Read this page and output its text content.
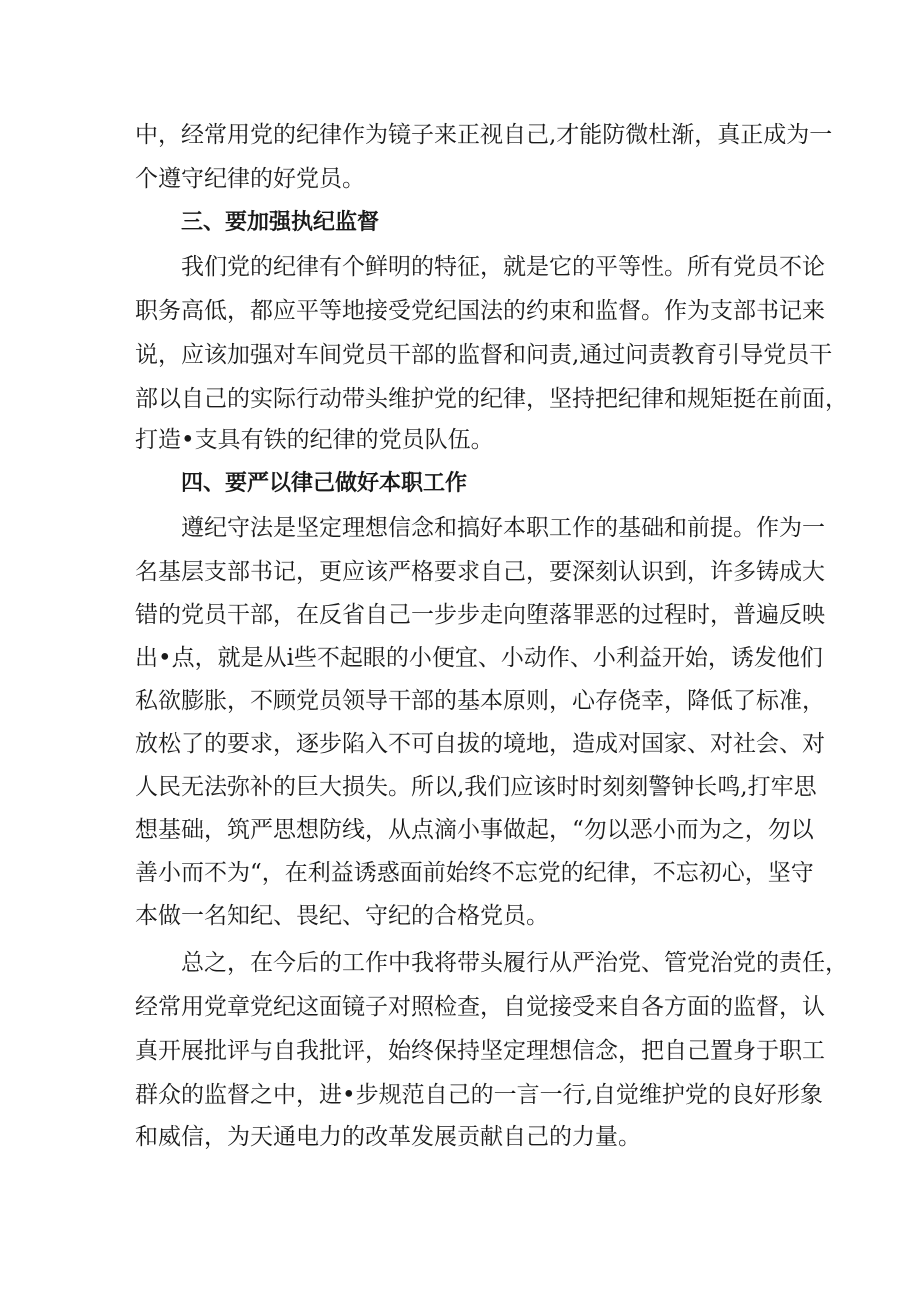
中，经常用党的纪律作为镜子来正视自己,才能防微杜渐，真正成为一
个遵守纪律的好党员。
三、要加强执纪监督
我们党的纪律有个鲜明的特征，就是它的平等性。所有党员不论
职务高低，都应平等地接受党纪国法的约束和监督。作为支部书记来
说，应该加强对车间党员干部的监督和问责,通过问责教育引导党员干
部以自己的实际行动带头维护党的纪律，坚持把纪律和规矩挺在前面，
打造•支具有铁的纪律的党员队伍。
四、要严以律己做好本职工作
遵纪守法是坚定理想信念和搞好本职工作的基础和前提。作为一
名基层支部书记，更应该严格要求自己，要深刻认识到，许多铸成大
错的党员干部，在反省自己一步步走向堕落罪恶的过程时，普遍反映
出•点，就是从i些不起眼的小便宜、小动作、小利益开始，诱发他们
私欲膨胀，不顾党员领导干部的基本原则，心存侥幸，降低了标准，
放松了的要求，逐步陷入不可自拔的境地，造成对国家、对社会、对
人民无法弥补的巨大损失。所以,我们应该时时刻刻警钟长鸣,打牢思
想基础，筑严思想防线，从点滴小事做起，“勿以恶小而为之，勿以
善小而不为“，在利益诱惑面前始终不忘党的纪律，不忘初心，坚守
本做一名知纪、畏纪、守纪的合格党员。
总之，在今后的工作中我将带头履行从严治党、管党治党的责任，
经常用党章党纪这面镜子对照检查，自觉接受来自各方面的监督，认
真开展批评与自我批评，始终保持坚定理想信念，把自己置身于职工
群众的监督之中，进•步规范自己的一言一行,自觉维护党的良好形象
和威信，为天通电力的改革发展贡献自己的力量。
